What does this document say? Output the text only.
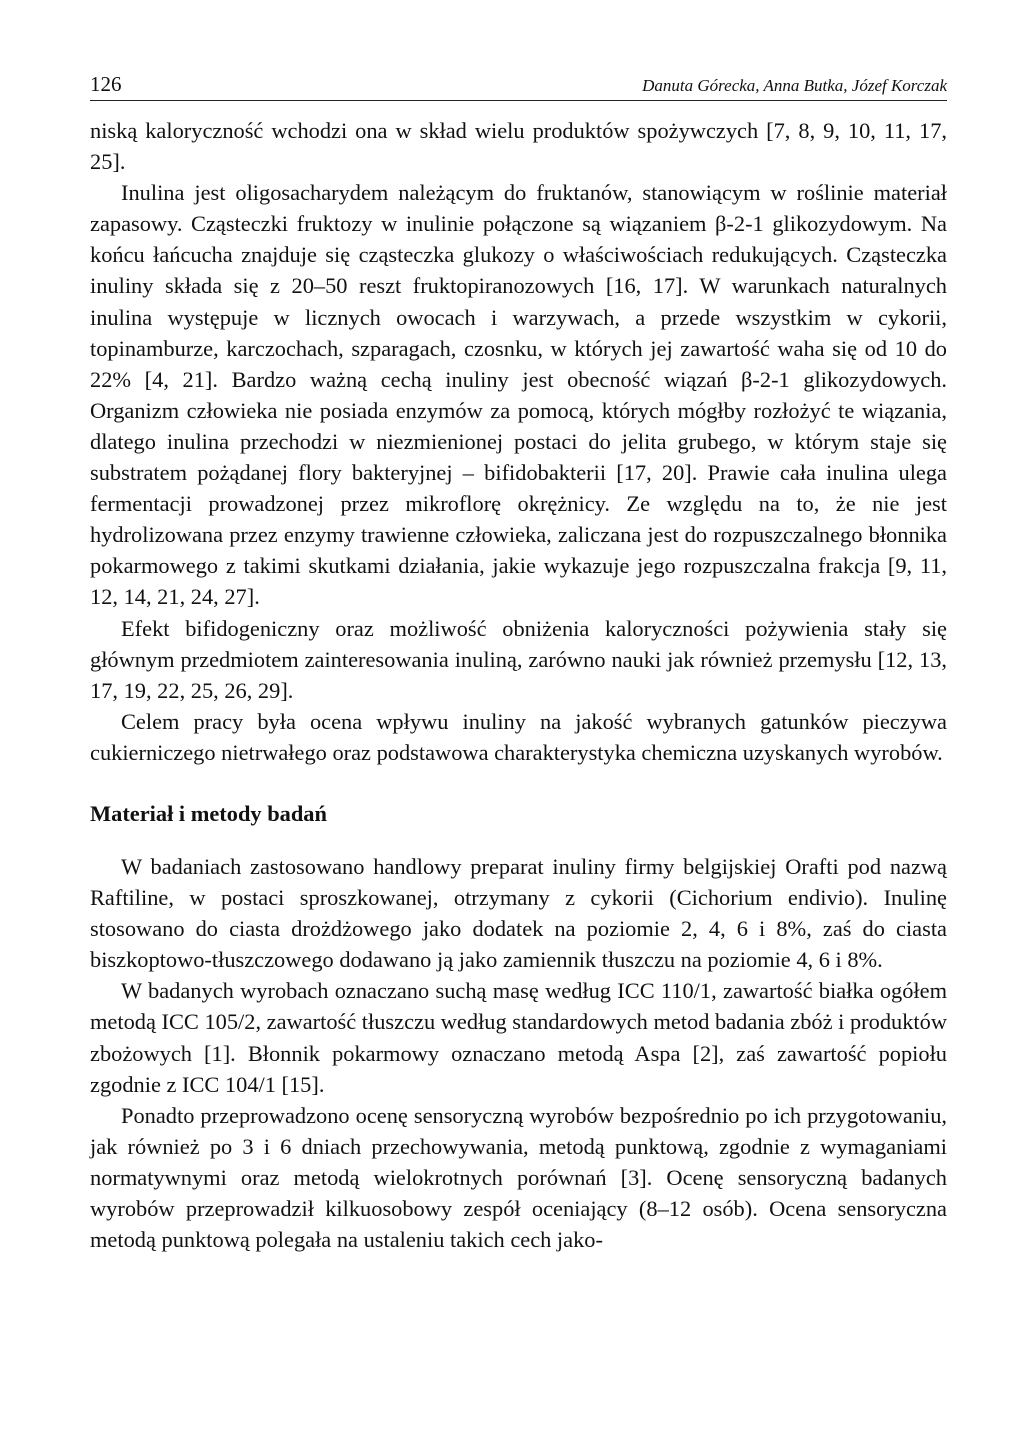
126	Danuta Górecka, Anna Butka, Józef Korczak

niską kaloryczność wchodzi ona w skład wielu produktów spożywczych [7, 8, 9, 10, 11, 17, 25].

Inulina jest oligosacharydem należącym do fruktanów, stanowiącym w roślinie materiał zapasowy. Cząsteczki fruktozy w inulinie połączone są wiązaniem β-2-1 glikozydowym. Na końcu łańcucha znajduje się cząsteczka glukozy o właściwościach redukujących. Cząsteczka inuliny składa się z 20–50 reszt fruktopiranozowych [16, 17]. W warunkach naturalnych inulina występuje w licznych owocach i warzywach, a przede wszystkim w cykorii, topinamburze, karczochach, szparagach, czosnku, w których jej zawartość waha się od 10 do 22% [4, 21]. Bardzo ważną cechą inuliny jest obecność wiązań β-2-1 glikozydowych. Organizm człowieka nie posiada enzymów za pomocą, których mógłby rozłożyć te wiązania, dlatego inulina przechodzi w niezmienionej postaci do jelita grubego, w którym staje się substratem pożądanej flory bakteryjnej – bifidobakterii [17, 20]. Prawie cała inulina ulega fermentacji prowadzonej przez mikroflorę okrężnicy. Ze względu na to, że nie jest hydrolizowana przez enzymy trawienne człowieka, zaliczana jest do rozpuszczalnego błonnika pokarmowego z takimi skutkami działania, jakie wykazuje jego rozpuszczalna frakcja [9, 11, 12, 14, 21, 24, 27].

Efekt bifidogeniczny oraz możliwość obniżenia kaloryczności pożywienia stały się głównym przedmiotem zainteresowania inuliną, zarówno nauki jak również przemysłu [12, 13, 17, 19, 22, 25, 26, 29].

Celem pracy była ocena wpływu inuliny na jakość wybranych gatunków pieczywa cukierniczego nietrwałego oraz podstawowa charakterystyka chemiczna uzyskanych wyrobów.

Materiał i metody badań

W badaniach zastosowano handlowy preparat inuliny firmy belgijskiej Orafti pod nazwą Raftiline, w postaci sproszkowanej, otrzymany z cykorii (Cichorium endivio). Inulinę stosowano do ciasta drożdżowego jako dodatek na poziomie 2, 4, 6 i 8%, zaś do ciasta biszkoptowo-tłuszczowego dodawano ją jako zamiennik tłuszczu na poziomie 4, 6 i 8%.

W badanych wyrobach oznaczano suchą masę według ICC 110/1, zawartość białka ogółem metodą ICC 105/2, zawartość tłuszczu według standardowych metod badania zbóż i produktów zbożowych [1]. Błonnik pokarmowy oznaczano metodą Aspa [2], zaś zawartość popiołu zgodnie z ICC 104/1 [15].

Ponadto przeprowadzono ocenę sensoryczną wyrobów bezpośrednio po ich przygotowaniu, jak również po 3 i 6 dniach przechowywania, metodą punktową, zgodnie z wymaganiami normatywnymi oraz metodą wielokrotnych porównań [3]. Ocenę sensoryczną badanych wyrobów przeprowadził kilkuosobowy zespół oceniający (8–12 osób). Ocena sensoryczna metodą punktową polegała na ustaleniu takich cech jako-
